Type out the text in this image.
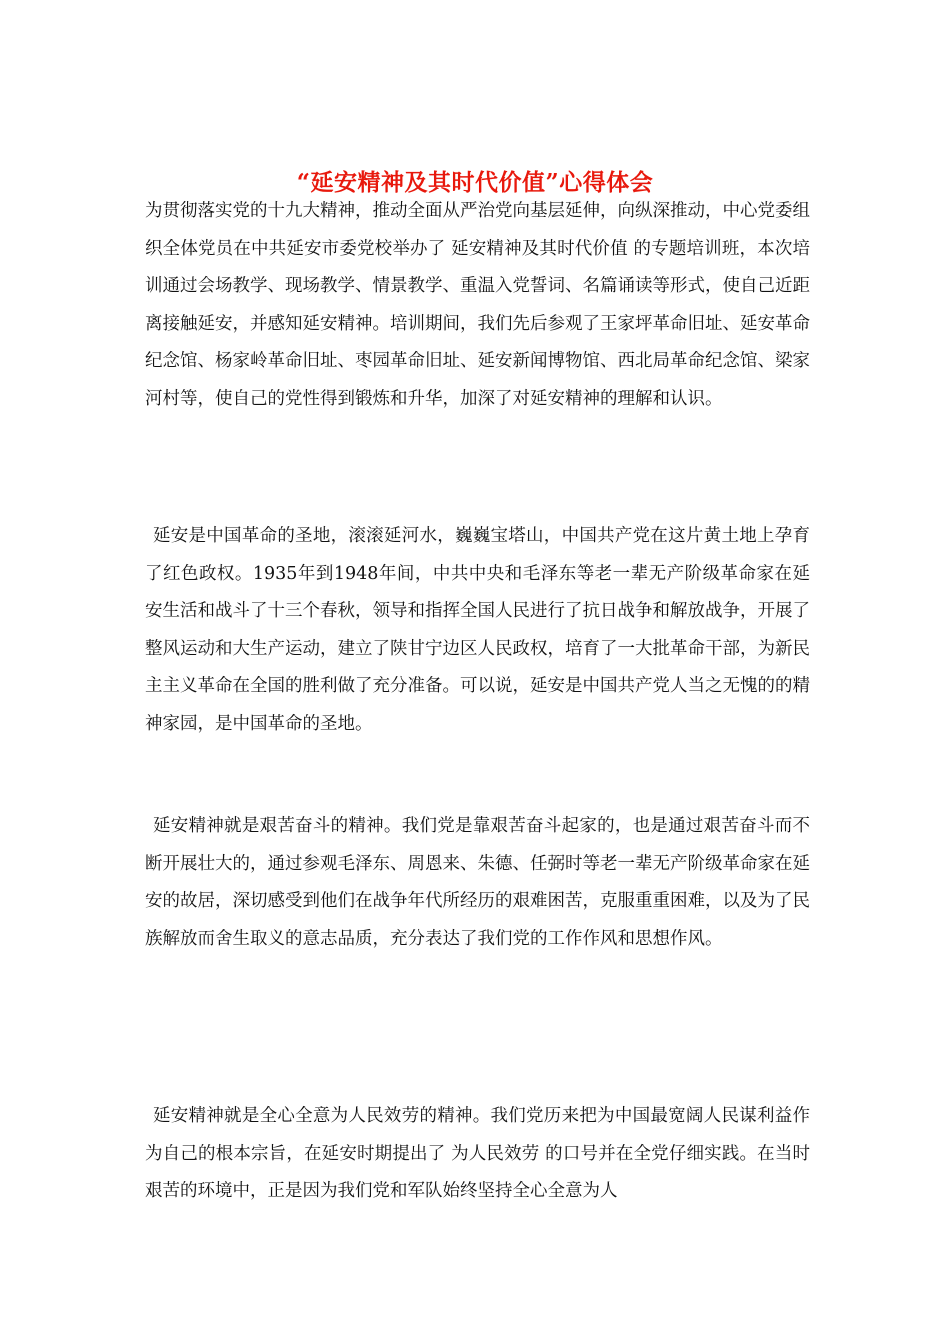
“延安精神及其时代价值”心得体会

为贯彻落实党的十九大精神，推动全面从严治党向基层延伸，向纵深推动，中心党委组织全体党员在中共延安市委党校举办了 延安精神及其时代价值 的专题培训班，本次培训通过会场教学、现场教学、情景教学、重温入党誓词、名篇诵读等形式，使自己近距离接触延安，并感知延安精神。培训期间，我们先后参观了王家坪革命旧址、延安革命纪念馆、杨家岭革命旧址、枣园革命旧址、延安新闻博物馆、西北局革命纪念馆、梁家河村等，使自己的党性得到锻炼和升华，加深了对延安精神的理解和认识。

延安是中国革命的圣地，滚滚延河水，巍巍宝塔山，中国共产党在这片黄土地上孕育了红色政权。1935年到1948年间，中共中央和毛泽东等老一辈无产阶级革命家在延安生活和战斗了十三个春秋，领导和指挥全国人民进行了抗日战争和解放战争，开展了整风运动和大生产运动，建立了陕甘宁边区人民政权，培育了一大批革命干部，为新民主主义革命在全国的胜利做了充分准备。可以说，延安是中国共产党人当之无愧的的精神家园，是中国革命的圣地。

延安精神就是艰苦奋斗的精神。我们党是靠艰苦奋斗起家的，也是通过艰苦奋斗而不断开展壮大的，通过参观毛泽东、周恩来、朱德、任弼时等老一辈无产阶级革命家在延安的故居，深切感受到他们在战争年代所经历的艰难困苦，克服重重困难，以及为了民族解放而舍生取义的意志品质，充分表达了我们党的工作作风和思想作风。

延安精神就是全心全意为人民效劳的精神。我们党历来把为中国最宽阔人民谋利益作为自己的根本宗旨，在延安时期提出了 为人民效劳 的口号并在全党仔细实践。在当时艰苦的环境中，正是因为我们党和军队始终坚持全心全意为人
